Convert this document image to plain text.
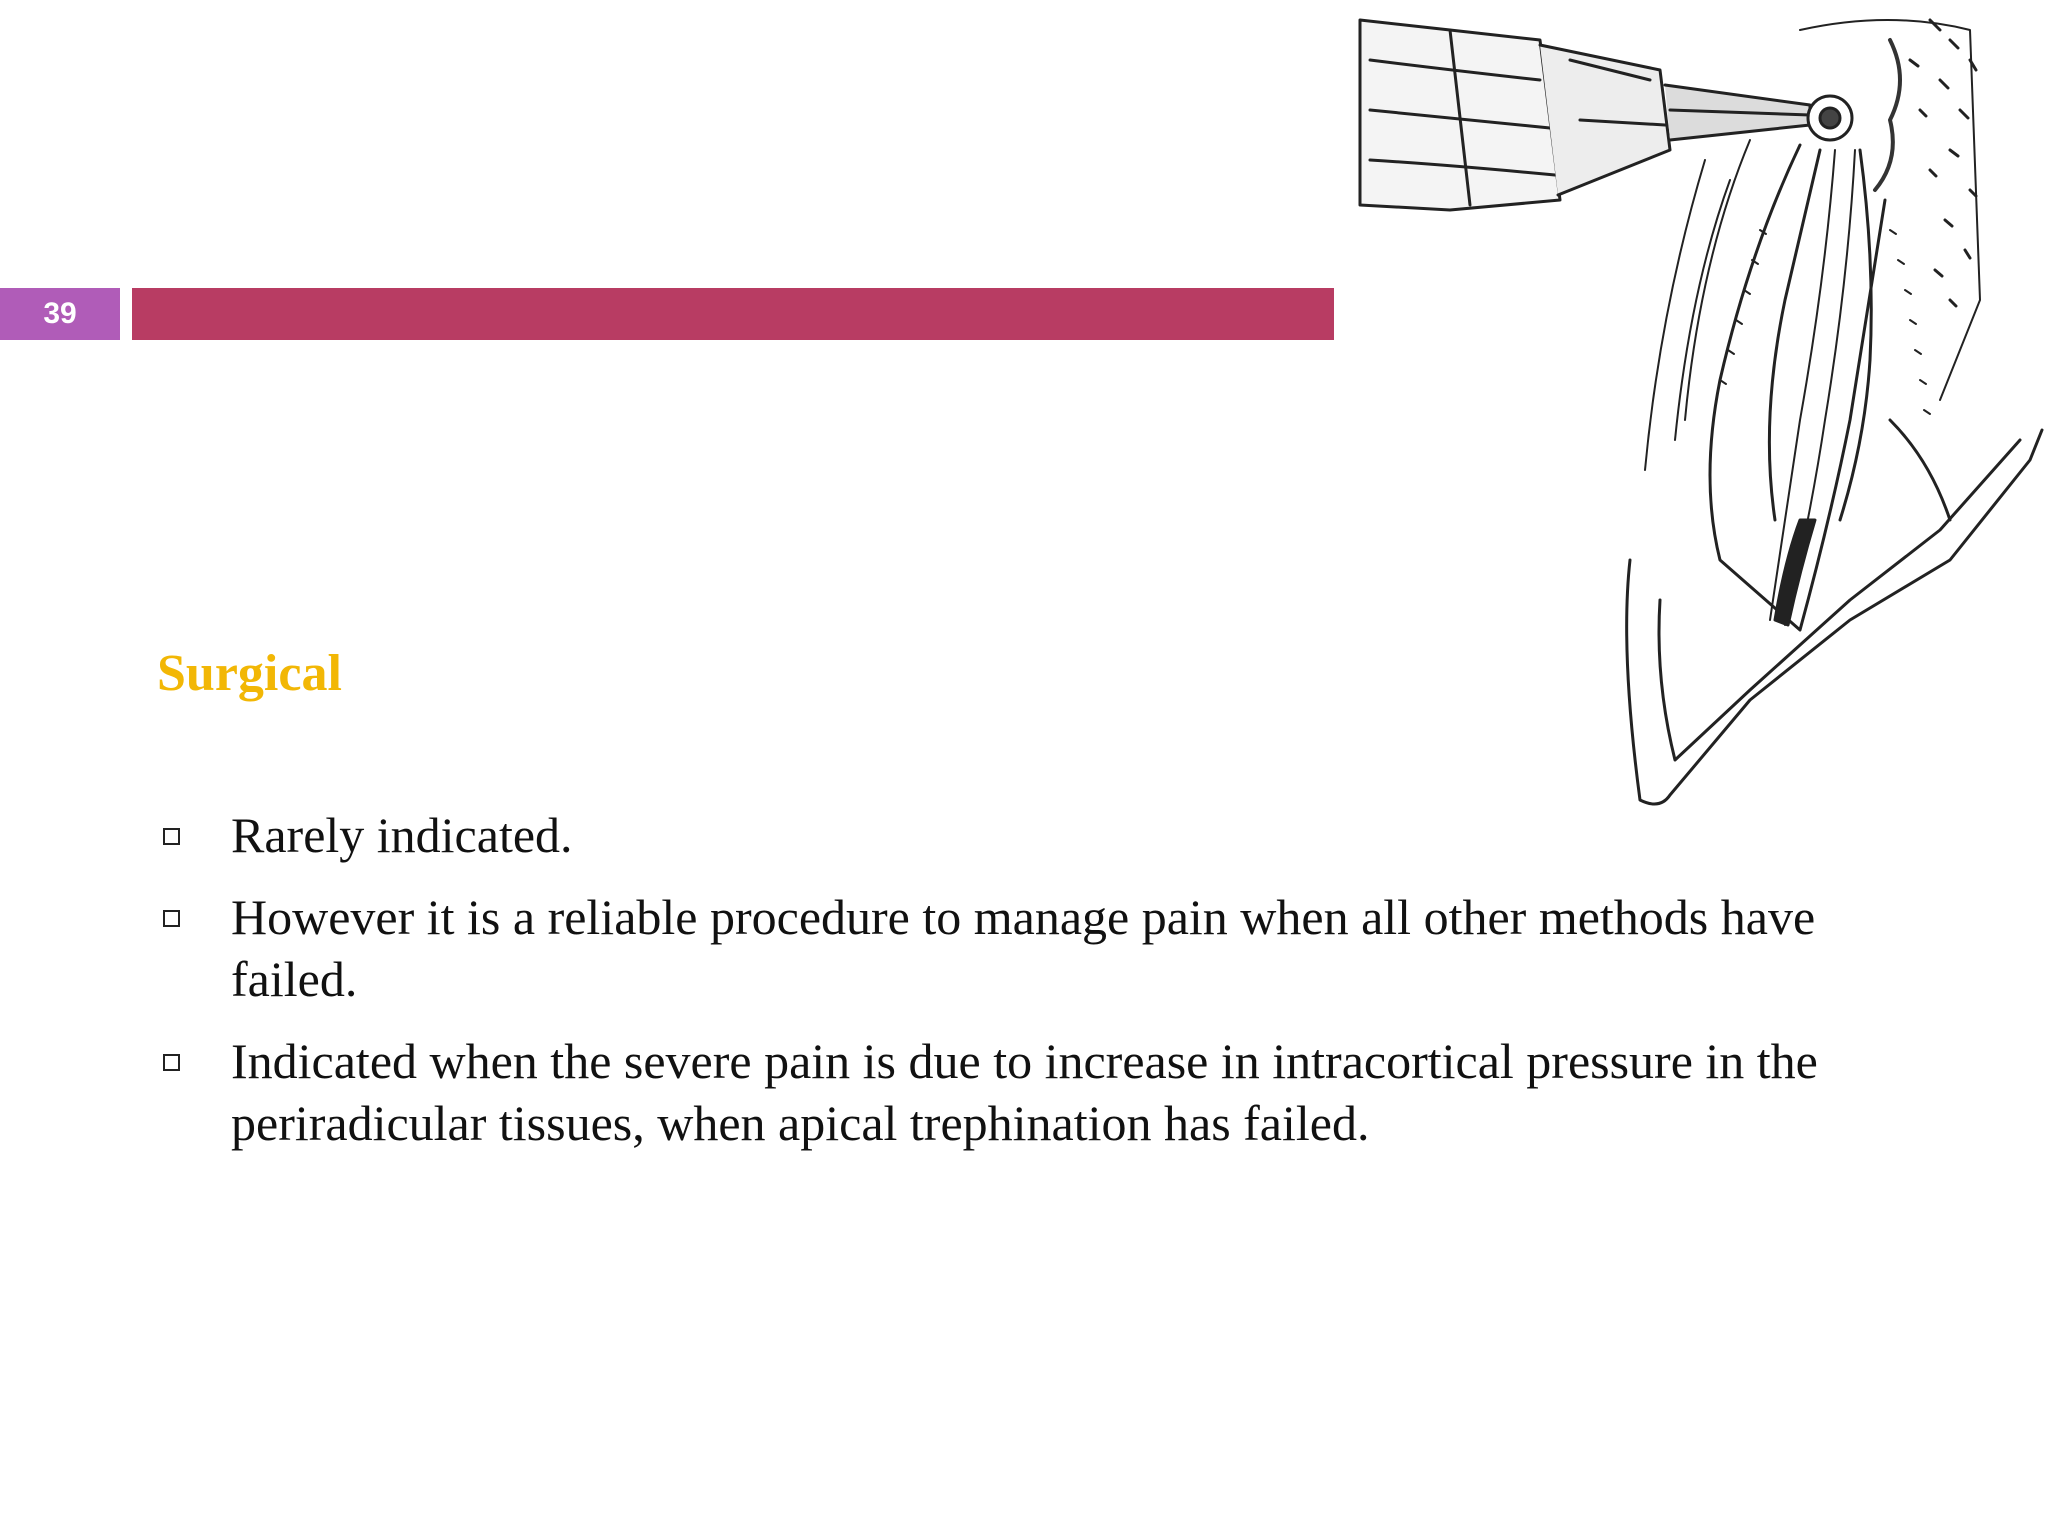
39
Surgical
Rarely indicated.
However it is a reliable procedure to manage pain when all other methods have failed.
Indicated when the severe pain is due to increase in intracortical pressure in the periradicular tissues, when apical trephination has failed.
